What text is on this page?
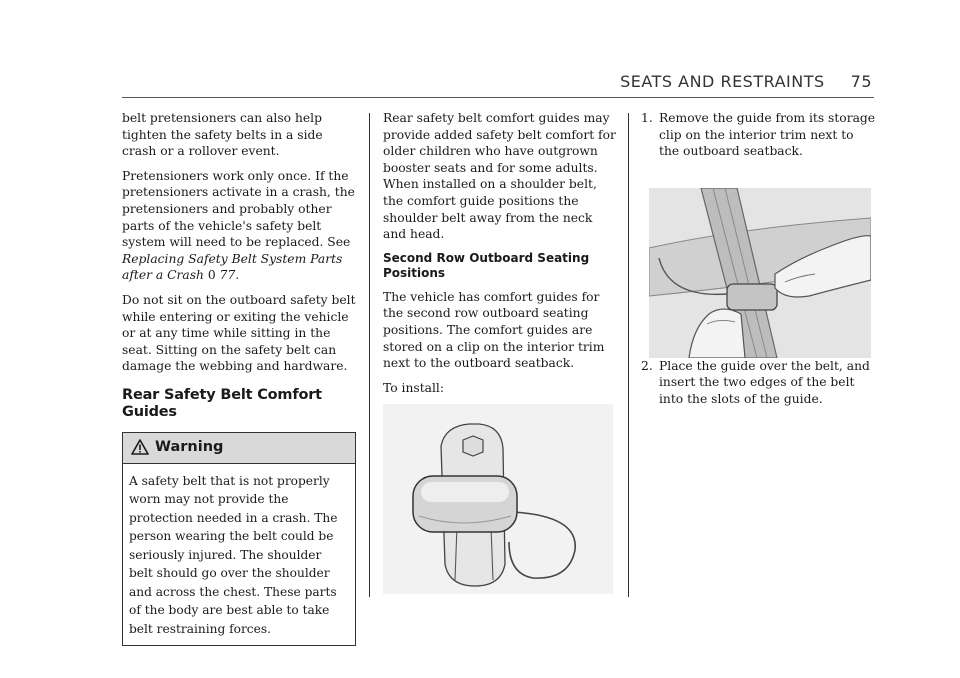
SEATS AND RESTRAINTS 75

belt pretensioners can also help tighten the safety belts in a side crash or a rollover event.

Pretensioners work only once. If the pretensioners activate in a crash, the pretensioners and probably other parts of the vehicle's safety belt system will need to be replaced. See Replacing Safety Belt System Parts after a Crash 0 77.

Do not sit on the outboard safety belt while entering or exiting the vehicle or at any time while sitting in the seat. Sitting on the safety belt can damage the webbing and hardware.

Rear Safety Belt Comfort Guides
Warning
A safety belt that is not properly worn may not provide the protection needed in a crash. The person wearing the belt could be seriously injured. The shoulder belt should go over the shoulder and across the chest. These parts of the body are best able to take belt restraining forces.

Rear safety belt comfort guides may provide added safety belt comfort for older children who have outgrown booster seats and for some adults. When installed on a shoulder belt, the comfort guide positions the shoulder belt away from the neck and head.

Second Row Outboard Seating Positions

The vehicle has comfort guides for the second row outboard seating positions. The comfort guides are stored on a clip on the interior trim next to the outboard seatback.

To install:

1. Remove the guide from its storage clip on the interior trim next to the outboard seatback.
2. Place the guide over the belt, and insert the two edges of the belt into the slots of the guide.
